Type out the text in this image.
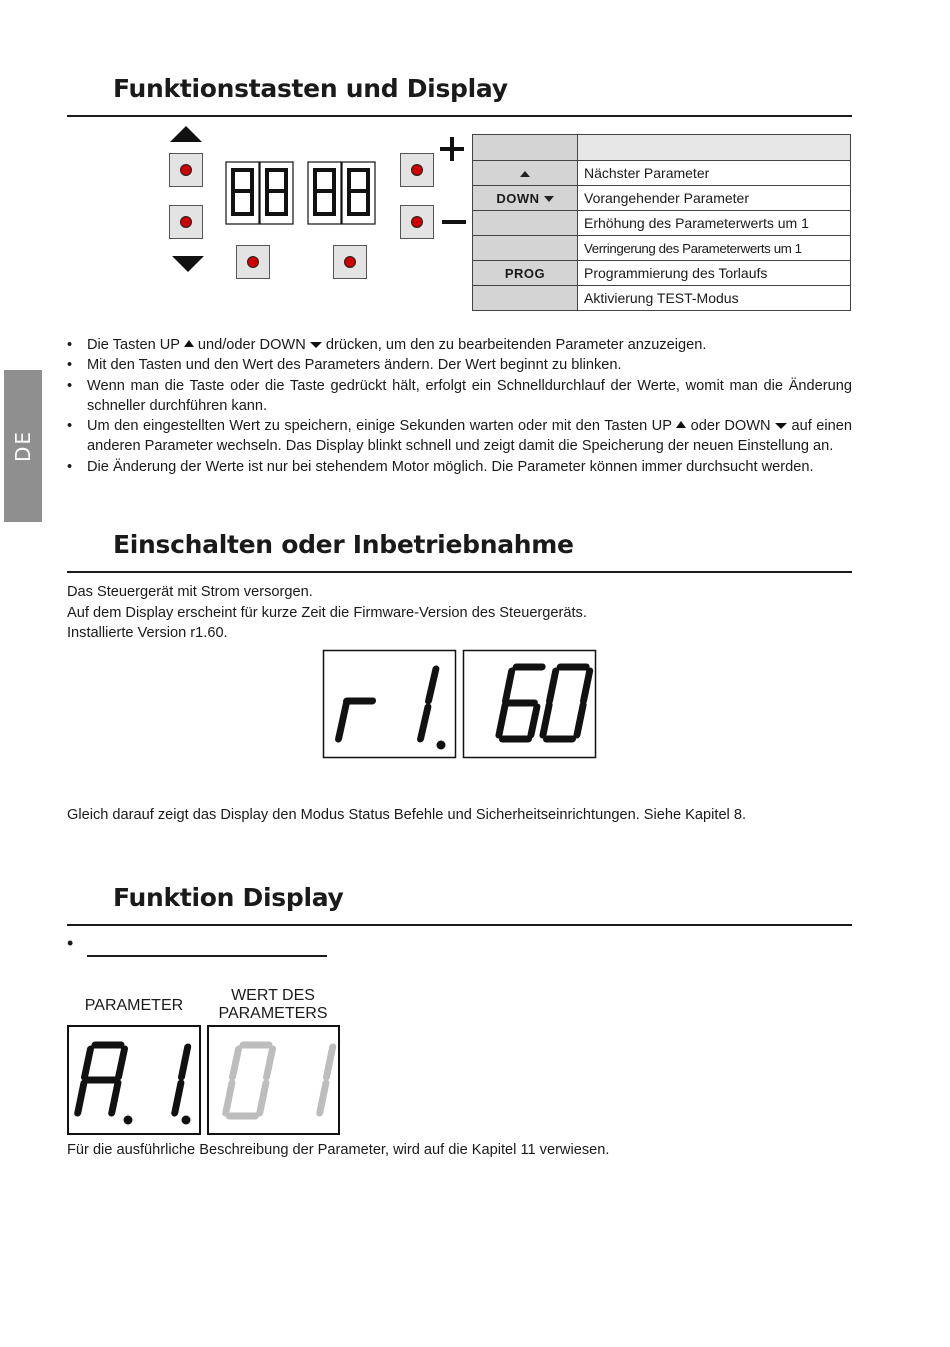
DE
Funktionstasten und Display

	Nächster Parameter
DOWN	Vorangehender Parameter
	Erhöhung des Parameterwerts um 1
	Verringerung des Parameterwerts um 1
PROG	Programmierung des Torlaufs
	Aktivierung TEST-Modus
• Die Tasten UP und/oder DOWN drücken, um den zu bearbeitenden Parameter anzuzeigen.
• Mit den Tasten und den Wert des Parameters ändern. Der Wert beginnt zu blinken.
• Wenn man die Taste oder die Taste gedrückt hält, erfolgt ein Schnelldurchlauf der Werte, womit man die Änderung schneller durchführen kann.
• Um den eingestellten Wert zu speichern, einige Sekunden warten oder mit den Tasten UP oder DOWN auf einen anderen Parameter wechseln. Das Display blinkt schnell und zeigt damit die Speicherung der neuen Einstellung an.
• Die Änderung der Werte ist nur bei stehendem Motor möglich. Die Parameter können immer durchsucht werden.
Einschalten oder Inbetriebnahme
Das Steuergerät mit Strom versorgen.
Auf dem Display erscheint für kurze Zeit die Firmware-Version des Steuergeräts.
Installierte Version r1.60.
Gleich darauf zeigt das Display den Modus Status Befehle und Sicherheitseinrichtungen. Siehe Kapitel 8.
Funktion Display
•
PARAMETER
WERT DES
PARAMETERS
Für die ausführliche Beschreibung der Parameter, wird auf die Kapitel 11 verwiesen.
